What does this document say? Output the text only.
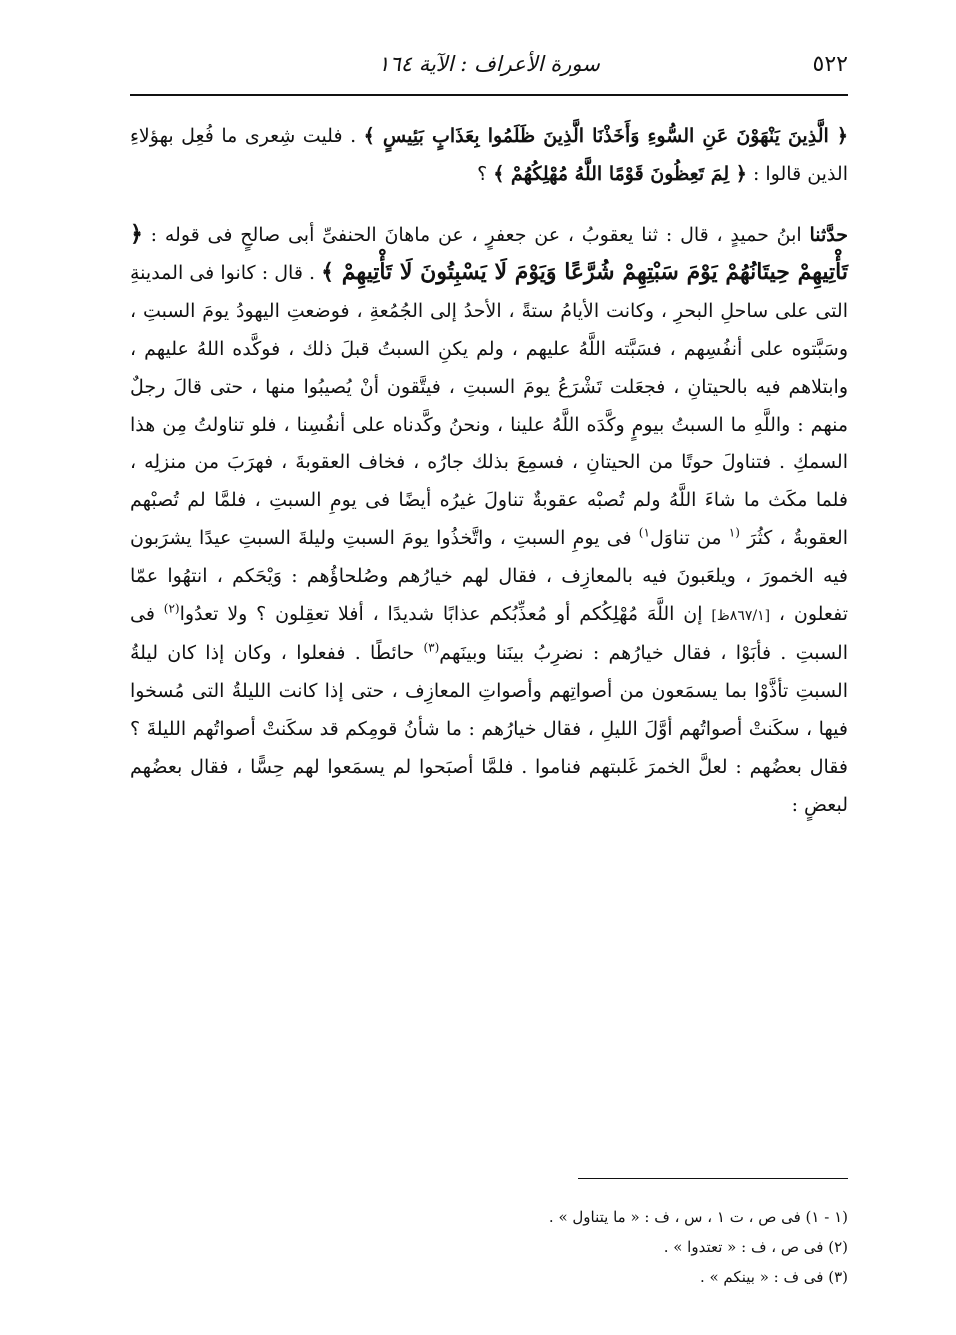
٥٢٢
سورة الأعراف : الآية ١٦٤

﴿ الَّذِينَ يَنْهَوْنَ عَنِ السُّوءِ وَأَخَذْنَا الَّذِينَ ظَلَمُوا بِعَذَابٍ بَئِيسٍ ﴾ . فليت شِعرى ما فُعِل بهؤلاءِ الذين قالوا : ﴿ لِمَ تَعِظُونَ قَوْمًا اللَّهُ مُهْلِكُهُمْ ﴾ ؟

حدَّثنا ابنُ حميدٍ ، قال : ثنا يعقوبُ ، عن جعفرٍ ، عن ماهانَ الحنفىِّ أبى صالحٍ فى قوله : ﴿ تَأْتِيهِمْ حِيتَانُهُمْ يَوْمَ سَبْتِهِمْ شُرَّعًا وَيَوْمَ لَا يَسْبِتُونَ لَا تَأْتِيهِمْ ﴾ . قال : كانوا فى المدينةِ التى على ساحلِ البحرِ ، وكانت الأيامُ ستةً ، الأحدُ إلى الجُمُعةِ ، فوضعتِ اليهودُ يومَ السبتِ ، وسَبَّتوه على أنفُسِهم ، فسَبَّته اللَّهُ عليهم ، ولم يكنِ السبتُ قبلَ ذلك ، فوكَّده اللهُ عليهم ، وابتلاهم فيه بالحيتانِ ، فجعَلت تَشْرَعُ يومَ السبتِ ، فيتَّقون أنْ يُصيبُوا منها ، حتى قالَ رجلٌ منهم : واللَّهِ ما السبتُ بيومٍ وكَّدَه اللَّهُ علينا ، ونحنُ وكَّدناه على أنفُسِنا ، فلو تناولتُ مِن هذا السمكِ . فتناولَ حوتًا من الحيتانِ ، فسمِعَ بذلك جارُه ، فخاف العقوبةَ ، فهرَبَ من منزلِه ، فلما مكَث ما شاءَ اللَّهُ ولم تُصبْه عقوبةٌ تناولَ غيرُه أيضًا فى يومِ السبتِ ، فلمَّا لم تُصبْهم العقوبةُ ، كثُرَ $^{(١}$ من تناوَل$^{١)}$ فى يومِ السبتِ ، واتَّخذُوا يومَ السبتِ وليلةَ السبتِ عيدًا يشرَبون فيه الخمورَ ، ويلعَبونَ فيه بالمعازِف ، فقال لهم خيارُهم وصُلحاؤُهم : وَيْحَكم ، انتهُوا عمّا تفعلون ، [٨٦٧/١ظ] إن اللَّهَ مُهْلِكُكم أو مُعذِّبُكم عذابًا شديدًا ، أفلا تعقِلون ؟ ولا تعدُوا$^{(٢)}$ فى السبتِ . فأبَوْا ، فقال خيارُهم : نضرِبُ بينَنا وبينَهم$^{(٣)}$ حائطًا . ففعلوا ، وكان إذا كان ليلةُ السبتِ تأذَّوْا بما يسمَعون من أصواتِهم وأصواتِ المعازِف ، حتى إذا كانت الليلةُ التى مُسخوا فيها ، سكَنتْ أصواتُهم أوَّلَ الليلِ ، فقال خيارُهم : ما شأنُ قومِكم قد سكَنتْ أصواتُهم الليلةَ ؟ فقال بعضُهم : لعلَّ الخمرَ غَلبتهم فناموا . فلمَّا أصبَحوا لم يسمَعوا لهم حِسًّا ، فقال بعضُهم لبعضٍ :

(١ - ١) فى ص ، ت ١ ، س ، ف : « ما يتناول » .

(٢) فى ص ، ف : « تعتدوا » .

(٣) فى ف : « بينكم » .
